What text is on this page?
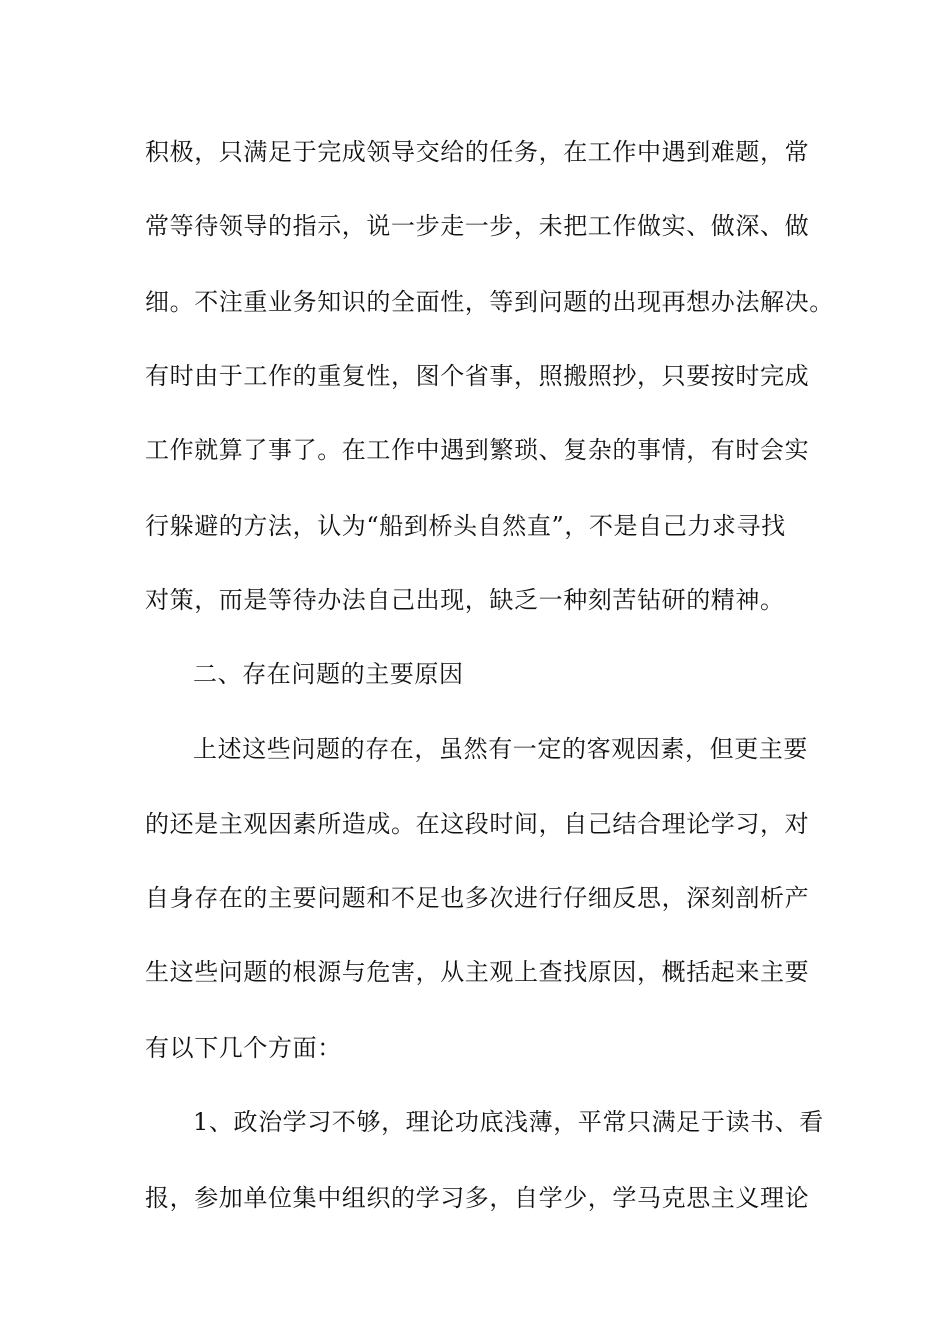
积极，只满足于完成领导交给的任务，在工作中遇到难题，常
常等待领导的指示，说一步走一步，未把工作做实、做深、做
细。不注重业务知识的全面性，等到问题的出现再想办法解决。
有时由于工作的重复性，图个省事，照搬照抄，只要按时完成
工作就算了事了。在工作中遇到繁琐、复杂的事情，有时会实
行躲避的方法，认为“船到桥头自然直”，不是自己力求寻找
对策，而是等待办法自己出现，缺乏一种刻苦钻研的精神。
二、存在问题的主要原因
上述这些问题的存在，虽然有一定的客观因素，但更主要
的还是主观因素所造成。在这段时间，自己结合理论学习，对
自身存在的主要问题和不足也多次进行仔细反思，深刻剖析产
生这些问题的根源与危害，从主观上查找原因，概括起来主要
有以下几个方面：
1、政治学习不够，理论功底浅薄，平常只满足于读书、看
报，参加单位集中组织的学习多，自学少，学马克思主义理论
